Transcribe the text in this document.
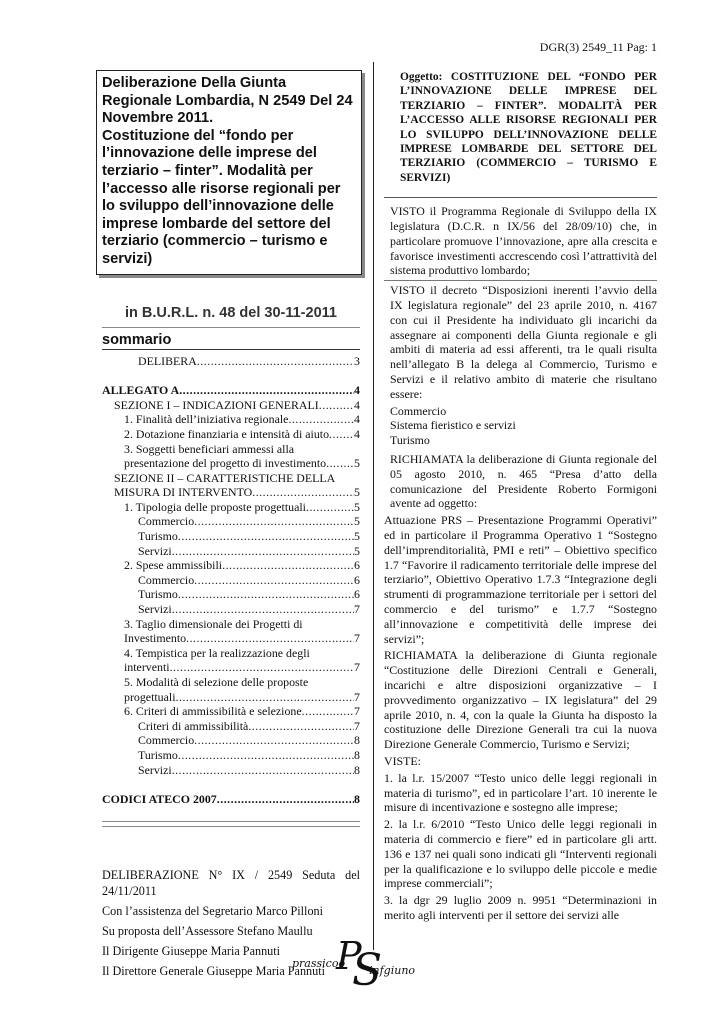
DGR(3) 2549_11 Pag: 1

Deliberazione Della Giunta Regionale Lombardia, N 2549 Del 24 Novembre 2011.

Costituzione del “fondo per l’innovazione delle imprese del terziario – finter”. Modalità per l’accesso alle risorse regionali per lo sviluppo dell’innovazione delle imprese lombarde del settore del terziario (commercio – turismo e servizi)

in B.U.R.L. n. 48 del 30-11-2011
sommario
DELIBERA .....	3
ALLEGATO A .....	4
SEZIONE I – INDICAZIONI GENERALI .....	4
1. Finalità dell’iniziativa regionale .....	4
2. Dotazione finanziaria e intensità di aiuto ..... 4
3. Soggetti beneficiari ammessi alla
presentazione del progetto di investimento ..... 5
SEZIONE II – CARATTERISTICHE DELLA
MISURA DI INTERVENTO .....	5
1. Tipologia delle proposte progettuali .....	5
Commercio .....	5
Turismo .....	5
Servizi .....	5
2. Spese ammissibili .....	6
Commercio .....	6
Turismo .....	6
Servizi .....	7
3. Taglio dimensionale dei Progetti di
Investimento .....	7
4. Tempistica per la realizzazione degli
interventi .....	7
5. Modalità di selezione delle proposte
progettuali .....	7
6. Criteri di ammissibilità e selezione .....	7
Criteri di ammissibilità .....	7
Commercio .....	8
Turismo .....	8
Servizi .....	8
CODICI ATECO 2007 .....	8

DELIBERAZIONE N° IX / 2549 Seduta del 24/11/2011

Con l’assistenza del Segretario Marco Pilloni

Su proposta dell’Assessore Stefano Maullu

Il Dirigente Giuseppe Maria Pannuti

Il Direttore Generale Giuseppe Maria Pannuti

Oggetto: COSTITUZIONE DEL “FONDO PER L’INNOVAZIONE DELLE IMPRESE DEL TERZIARIO – FINTER”. MODALITÀ PER L’ACCESSO ALLE RISORSE REGIONALI PER LO SVILUPPO DELL’INNOVAZIONE DELLE IMPRESE LOMBARDE DEL SETTORE DEL TERZIARIO (COMMERCIO – TURISMO E SERVIZI)

VISTO il Programma Regionale di Sviluppo della IX legislatura (D.C.R. n IX/56 del 28/09/10) che, in particolare promuove l’innovazione, apre alla crescita e favorisce investimenti accrescendo così l’attrattività del sistema produttivo lombardo;

VISTO il decreto “Disposizioni inerenti l’avvio della IX legislatura regionale” del 23 aprile 2010, n. 4167 con cui il Presidente ha individuato gli incarichi da assegnare ai componenti della Giunta regionale e gli ambiti di materia ad essi afferenti, tra le quali risulta nell’allegato B la delega al Commercio, Turismo e Servizi e il relativo ambito di materie che risultano essere:

Commercio
Sistema fieristico e servizi
Turismo

RICHIAMATA la deliberazione di Giunta regionale del 05 agosto 2010, n. 465 “Presa d’atto della comunicazione del Presidente Roberto Formigoni avente ad oggetto:

Attuazione PRS – Presentazione Programmi Operativi” ed in particolare il Programma Operativo 1 “Sostegno dell’imprenditorialità, PMI e reti” – Obiettivo specifico 1.7 “Favorire il radicamento territoriale delle imprese del terziario”, Obiettivo Operativo 1.7.3 “Integrazione degli strumenti di programmazione territoriale per i settori del commercio e del turismo” e 1.7.7 “Sostegno all’innovazione e competitività delle imprese dei servizi”;

RICHIAMATA la deliberazione di Giunta regionale “Costituzione delle Direzioni Centrali e Generali, incarichi e altre disposizioni organizzative – I provvedimento organizzativo – IX legislatura” del 29 aprile 2010, n. 4, con la quale la Giunta ha disposto la costituzione delle Direzione Generali tra cui la nuova Direzione Generale Commercio, Turismo e Servizi;

VISTE:

1. la l.r. 15/2007 “Testo unico delle leggi regionali in materia di turismo”, ed in particolare l’art. 10 inerente le misure di incentivazione e sostegno alle imprese;

2. la l.r. 6/2010 “Testo Unico delle leggi regionali in materia di commercio e fiere” ed in particolare gli artt. 136 e 137 nei quali sono indicati gli “Interventi regionali per la qualificazione e lo sviluppo delle piccole e medie imprese commerciali”;

3. la dgr 29 luglio 2009 n. 9951 “Determinazioni in merito agli interventi per il settore dei servizi alle

prassicoo
P
S
infgiuno
